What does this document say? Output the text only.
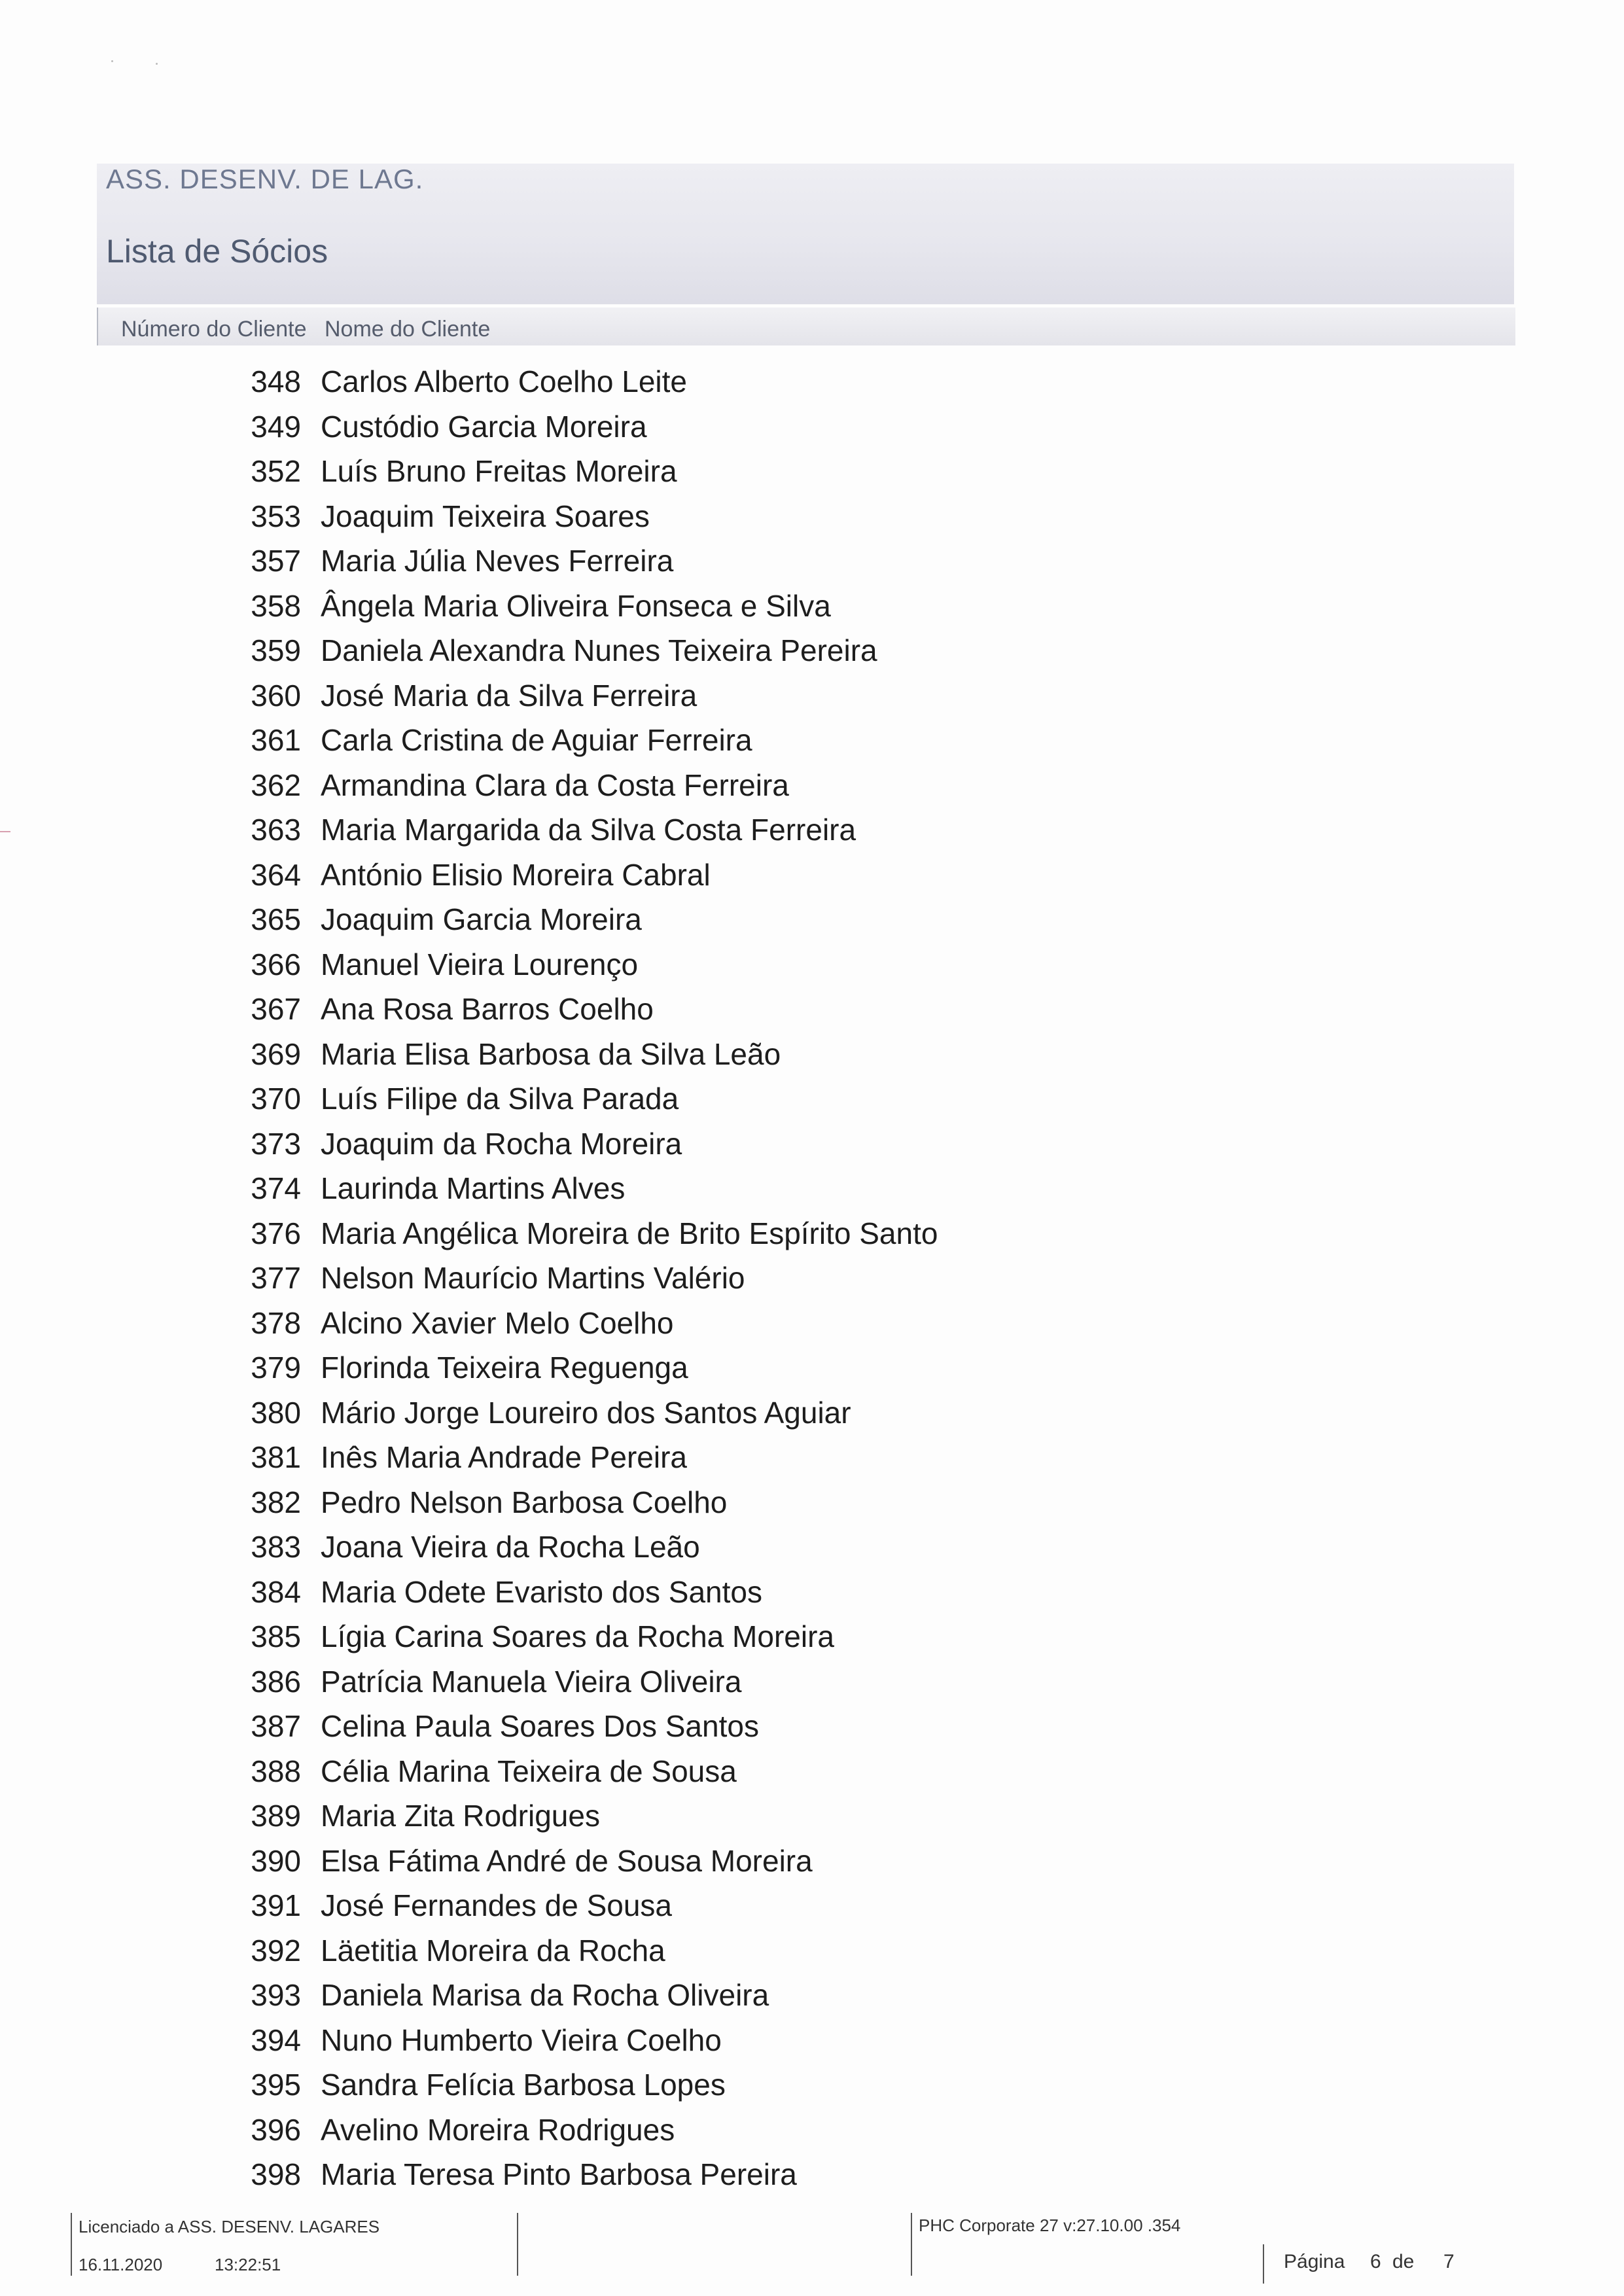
ASS. DESENV. DE LAG.
Lista de Sócios
Número do Cliente Nome do Cliente
348 Carlos Alberto Coelho Leite
349 Custódio Garcia Moreira
352 Luís Bruno Freitas Moreira
353 Joaquim Teixeira Soares
357 Maria Júlia Neves Ferreira
358 Ângela Maria Oliveira Fonseca e Silva
359 Daniela Alexandra Nunes Teixeira Pereira
360 José Maria da Silva Ferreira
361 Carla Cristina de Aguiar Ferreira
362 Armandina Clara da Costa Ferreira
363 Maria Margarida da Silva Costa Ferreira
364 António Elisio Moreira Cabral
365 Joaquim Garcia Moreira
366 Manuel Vieira Lourenço
367 Ana Rosa Barros Coelho
369 Maria Elisa Barbosa da Silva Leão
370 Luís Filipe da Silva Parada
373 Joaquim da Rocha Moreira
374 Laurinda Martins Alves
376 Maria Angélica Moreira de Brito Espírito Santo
377 Nelson Maurício Martins Valério
378 Alcino Xavier Melo Coelho
379 Florinda Teixeira Reguenga
380 Mário Jorge Loureiro dos Santos Aguiar
381 Inês Maria Andrade Pereira
382 Pedro Nelson Barbosa Coelho
383 Joana Vieira da Rocha Leão
384 Maria Odete Evaristo dos Santos
385 Lígia Carina Soares da Rocha Moreira
386 Patrícia Manuela Vieira Oliveira
387 Celina Paula Soares Dos Santos
388 Célia Marina Teixeira de Sousa
389 Maria Zita Rodrigues
390 Elsa Fátima André de Sousa Moreira
391 José Fernandes de Sousa
392 Läetitia Moreira da Rocha
393 Daniela Marisa da Rocha Oliveira
394 Nuno Humberto Vieira Coelho
395 Sandra Felícia Barbosa Lopes
396 Avelino Moreira Rodrigues
398 Maria Teresa Pinto Barbosa Pereira
Licenciado a ASS. DESENV. LAGARES
16.11.2020	13:22:51
PHC Corporate 27 v:27.10.00 .354
Página 6 de 7
